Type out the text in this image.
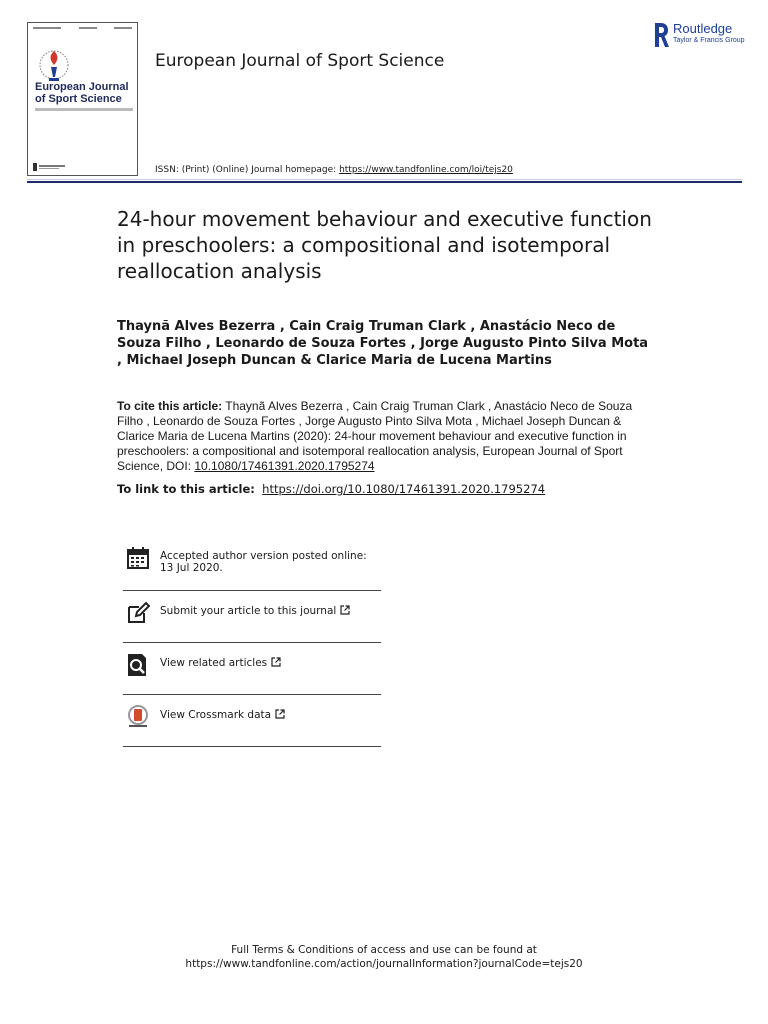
European Journal of Sport Science
European Journal of Sport Science
ISSN: (Print) (Online) Journal homepage: https://www.tandfonline.com/loi/tejs20
Routledge
Taylor & Francis Group
24-hour movement behaviour and executive function in preschoolers: a compositional and isotemporal reallocation analysis
Thaynã Alves Bezerra , Cain Craig Truman Clark , Anastácio Neco de Souza Filho , Leonardo de Souza Fortes , Jorge Augusto Pinto Silva Mota , Michael Joseph Duncan & Clarice Maria de Lucena Martins
To cite this article: Thaynã Alves Bezerra , Cain Craig Truman Clark , Anastácio Neco de Souza Filho , Leonardo de Souza Fortes , Jorge Augusto Pinto Silva Mota , Michael Joseph Duncan & Clarice Maria de Lucena Martins (2020): 24-hour movement behaviour and executive function in preschoolers: a compositional and isotemporal reallocation analysis, European Journal of Sport Science, DOI: 10.1080/17461391.2020.1795274
To link to this article: https://doi.org/10.1080/17461391.2020.1795274
Accepted author version posted online: 13 Jul 2020.
Submit your article to this journal
View related articles
View Crossmark data
Full Terms & Conditions of access and use can be found at
https://www.tandfonline.com/action/journalInformation?journalCode=tejs20
